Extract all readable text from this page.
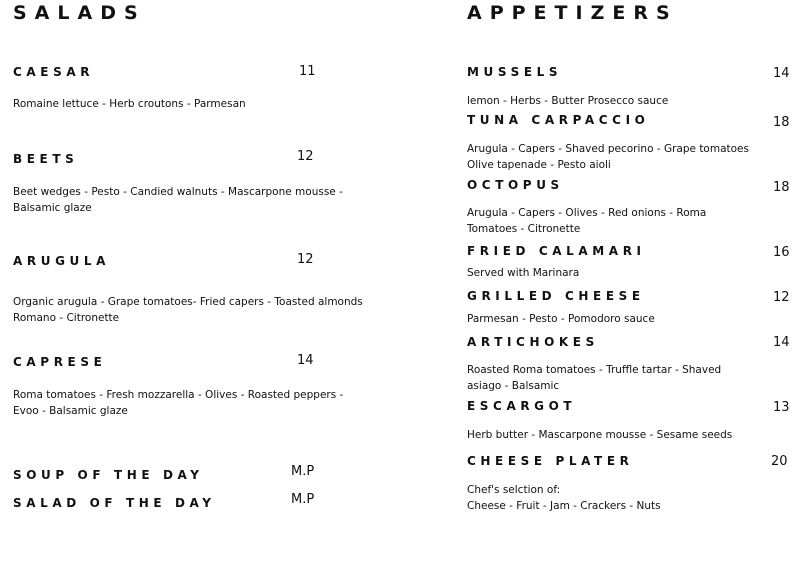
SALADS
CAESAR	11
Romaine lettuce - Herb croutons - Parmesan
BEETS	12
Beet wedges - Pesto - Candied walnuts - Mascarpone mousse -
Balsamic glaze
ARUGULA	12
Organic arugula - Grape tomatoes- Fried capers - Toasted almonds
Romano - Citronette
CAPRESE	14
Roma tomatoes - Fresh mozzarella - Olives - Roasted peppers -
Evoo - Balsamic glaze
SOUP OF THE DAY	M.P
SALAD OF THE DAY	M.P
APPETIZERS
MUSSELS	14
lemon - Herbs - Butter Prosecco sauce
TUNA CARPACCIO	18
Arugula - Capers - Shaved pecorino - Grape tomatoes
Olive tapenade - Pesto aioli
OCTOPUS	18
Arugula - Capers - Olives - Red onions - Roma
Tomatoes - Citronette
FRIED CALAMARI	16
Served with Marinara
GRILLED CHEESE	12
Parmesan - Pesto - Pomodoro sauce
ARTICHOKES	14
Roasted Roma tomatoes - Truffle tartar - Shaved
asiago - Balsamic
ESCARGOT	13
Herb butter - Mascarpone mousse - Sesame seeds
CHEESE PLATER	20
Chef's selction of:
Cheese - Fruit - Jam - Crackers - Nuts
